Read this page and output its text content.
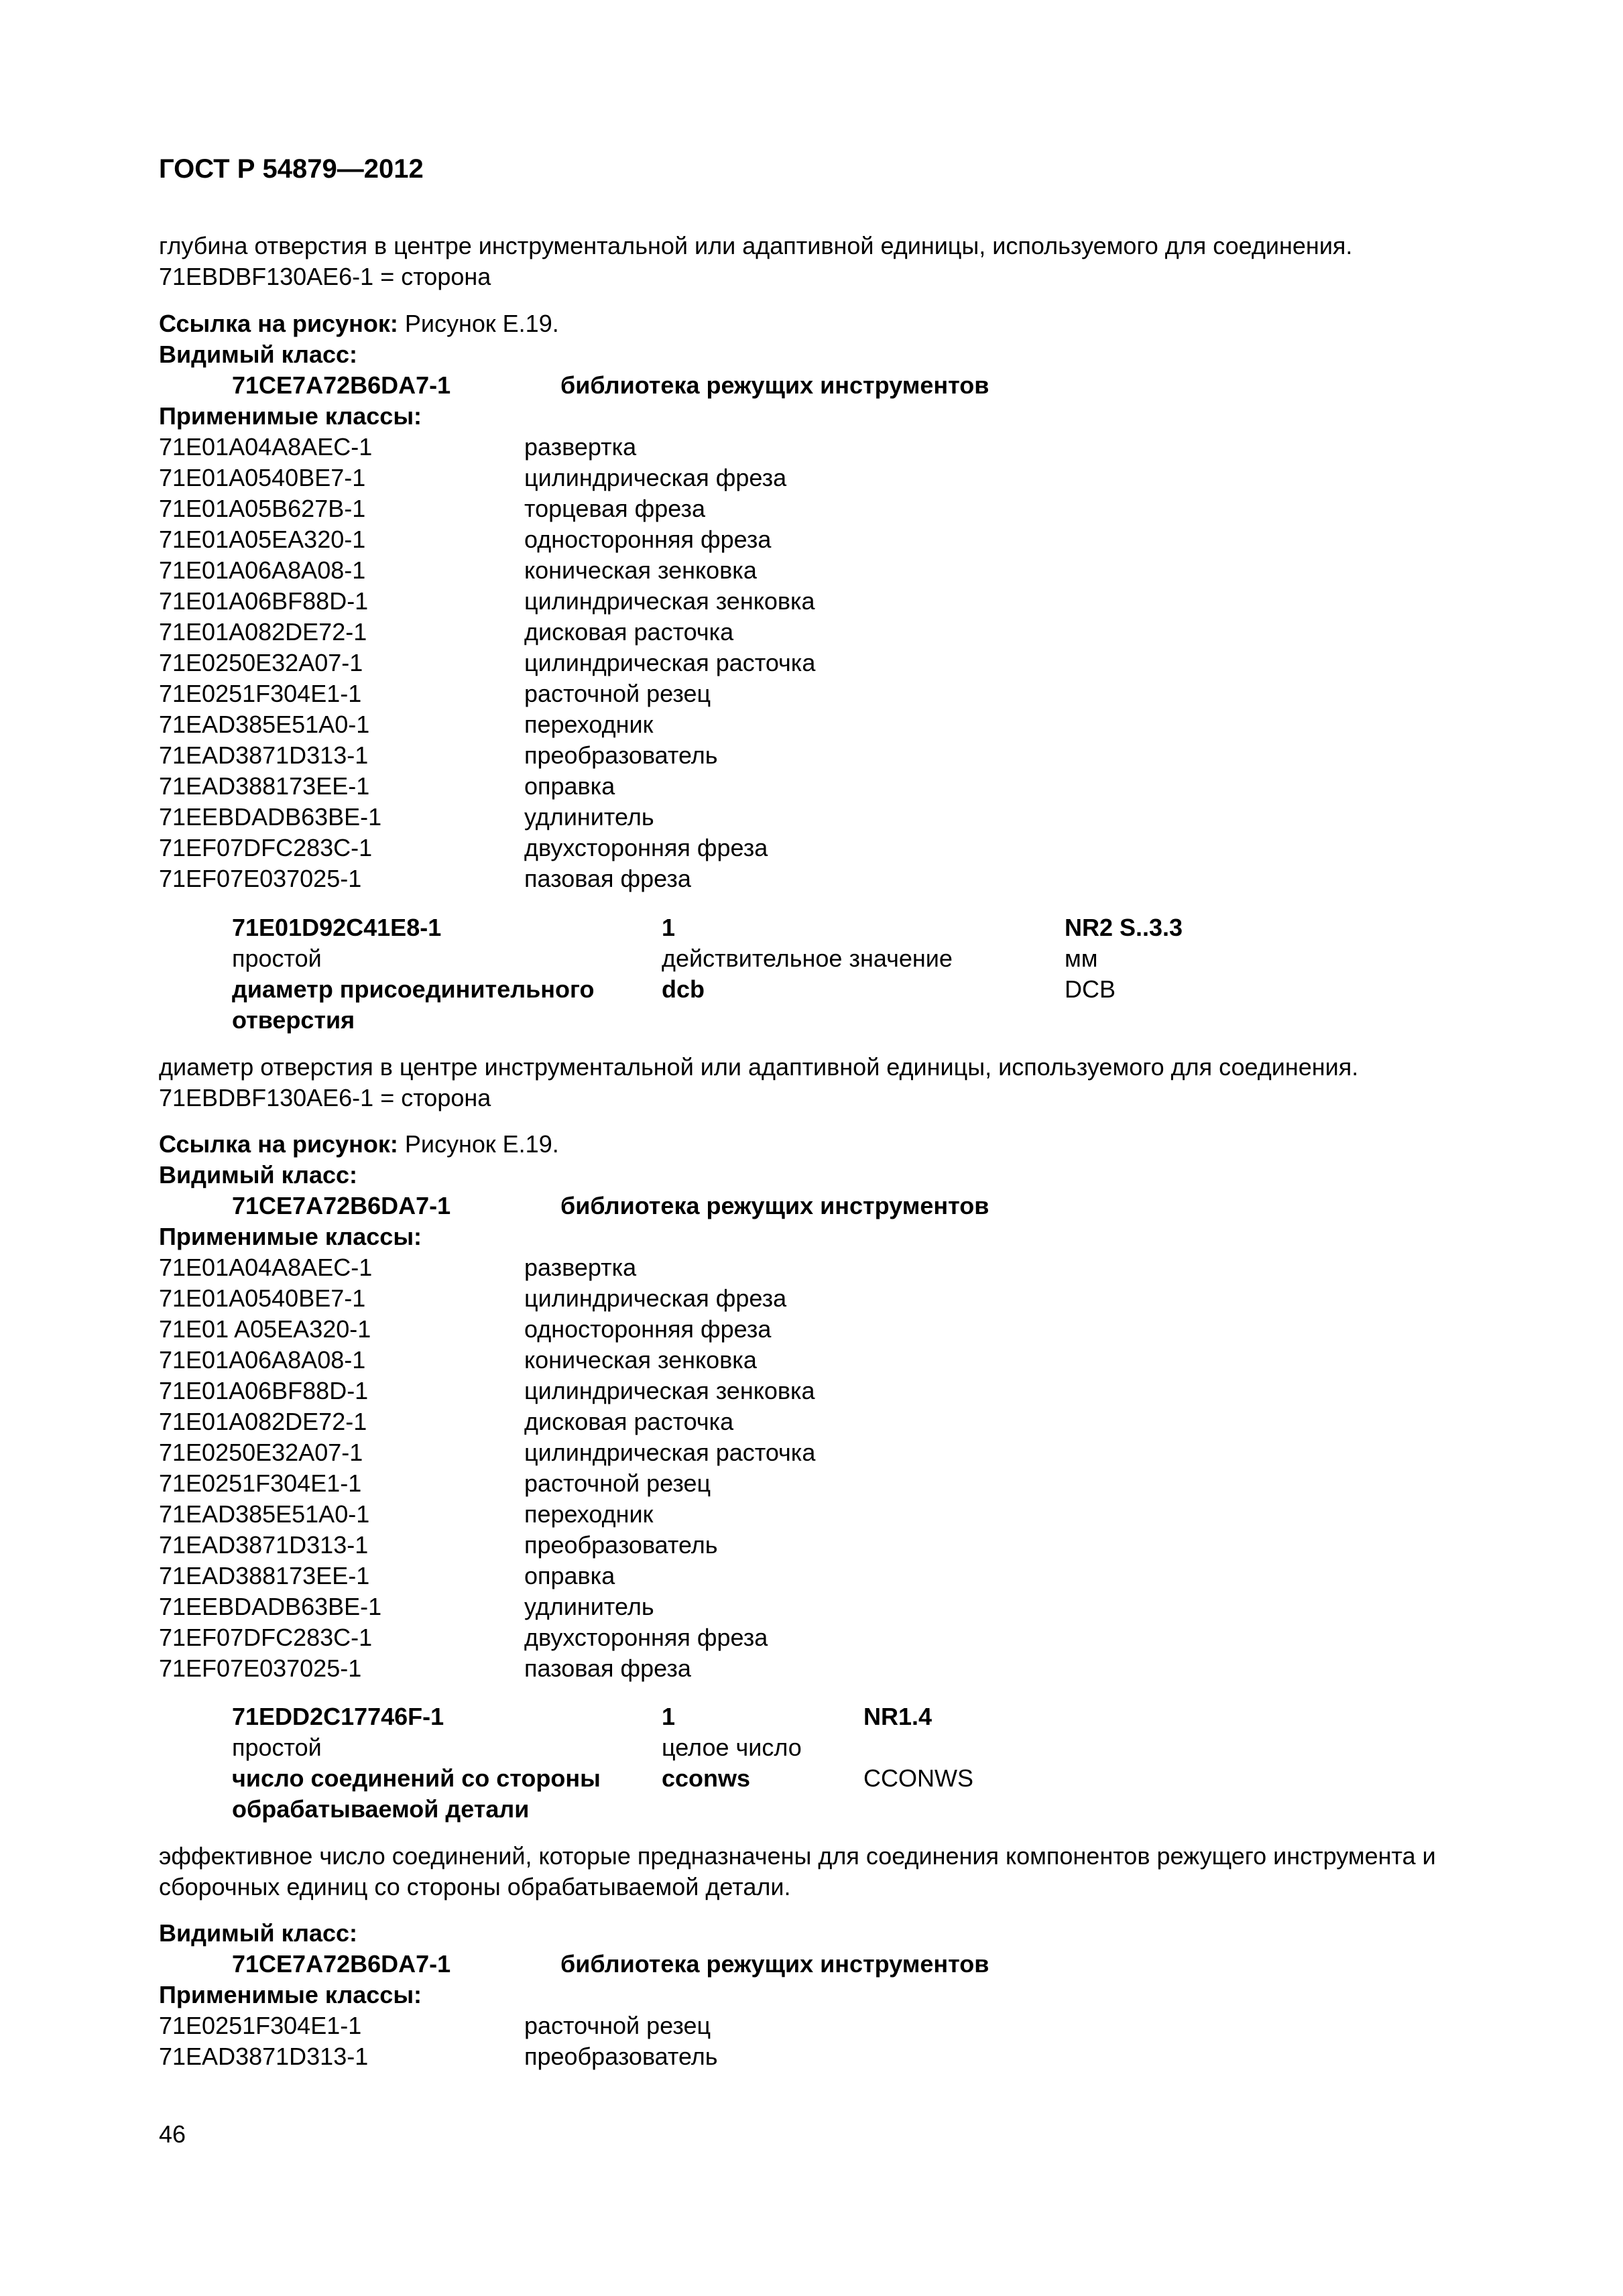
ГОСТ Р 54879—2012
глубина отверстия в центре инструментальной или адаптивной единицы, используемого для соединения.
71EBDBF130AE6-1 = сторона
Ссылка на рисунок: Рисунок Е.19.
Видимый класс:
71CE7A72B6DA7-1	библиотека режущих инструментов
Применимые классы:
71E01A04A8AEC-1	развертка
71E01A0540BE7-1	цилиндрическая фреза
71E01A05B627B-1	торцевая фреза
71E01A05EA320-1	односторонняя фреза
71E01A06A8A08-1	коническая зенковка
71E01A06BF88D-1	цилиндрическая зенковка
71E01A082DE72-1	дисковая расточка
71E0250E32A07-1	цилиндрическая расточка
71E0251F304E1-1	расточной резец
71EAD385E51A0-1	переходник
71EAD3871D313-1	преобразователь
71EAD388173EE-1	оправка
71EEBDADB63BE-1	удлинитель
71EF07DFC283C-1	двухсторонняя фреза
71EF07E037025-1	пазовая фреза
71E01D92C41E8-1	1	NR2 S..3.3
простой	действительное значение	мм
диаметр присоединительного
отверстия
dcb	DCB
диаметр отверстия в центре инструментальной или адаптивной единицы, используемого для соединения.
71EBDBF130AE6-1 = сторона
Ссылка на рисунок: Рисунок Е.19.
Видимый класс:
71CE7A72B6DA7-1	библиотека режущих инструментов
Применимые классы:
71E01A04A8AEC-1	развертка
71E01A0540BE7-1	цилиндрическая фреза
71E01 A05EA320-1	односторонняя фреза
71E01A06A8A08-1	коническая зенковка
71E01A06BF88D-1	цилиндрическая зенковка
71E01A082DE72-1	дисковая расточка
71E0250E32A07-1	цилиндрическая расточка
71E0251F304E1-1	расточной резец
71EAD385E51A0-1	переходник
71EAD3871D313-1	преобразователь
71EAD388173EE-1	оправка
71EEBDADB63BE-1	удлинитель
71EF07DFC283C-1	двухсторонняя фреза
71EF07E037025-1	пазовая фреза
71EDD2C17746F-1	1	NR1.4
простой	целое число
число соединений со стороны
обрабатываемой детали
cconws	CCONWS
эффективное число соединений, которые предназначены для соединения компонентов режущего инструмента и
сборочных единиц со стороны обрабатываемой детали.
Видимый класс:
71CE7A72B6DA7-1	библиотека режущих инструментов
Применимые классы:
71E0251F304E1-1	расточной резец
71EAD3871D313-1	преобразователь
46
